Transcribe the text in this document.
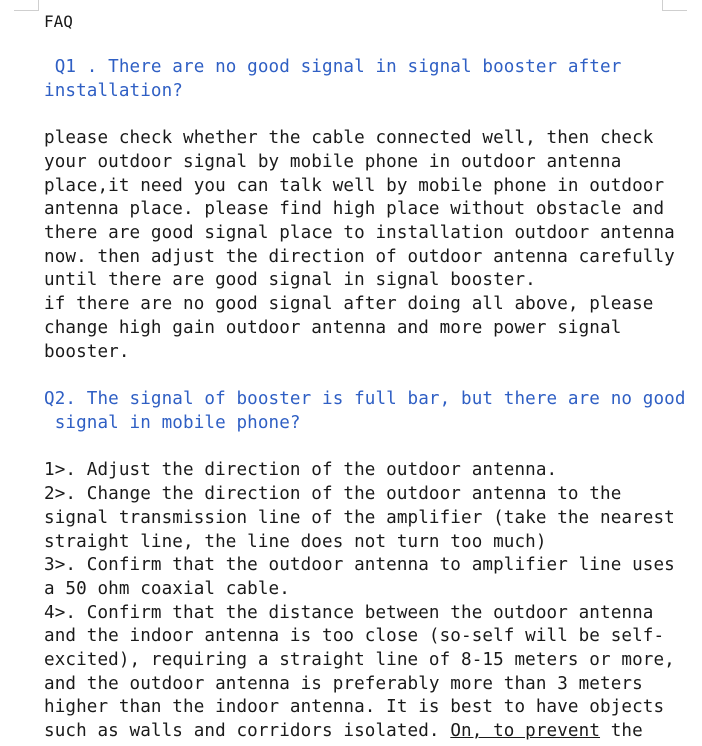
FAQ

Q1 . There are no good signal in signal booster after

installation?

please check whether the cable connected well, then check

your outdoor signal by mobile phone in outdoor antenna

place,it need you can talk well by mobile phone in outdoor

antenna place. please find high place without obstacle and

there are good signal place to installation outdoor antenna

now. then adjust the direction of outdoor antenna carefully

until there are good signal in signal booster.

if there are no good signal after doing all above, please

change high gain outdoor antenna and more power signal

booster.

Q2. The signal of booster is full bar, but there are no good

signal in mobile phone?

1>. Adjust the direction of the outdoor antenna.

2>. Change the direction of the outdoor antenna to the

signal transmission line of the amplifier (take the nearest

straight line, the line does not turn too much)

3>. Confirm that the outdoor antenna to amplifier line uses

a 50 ohm coaxial cable.

4>. Confirm that the distance between the outdoor antenna

and the indoor antenna is too close (so-self will be self-

excited), requiring a straight line of 8-15 meters or more,

and the outdoor antenna is preferably more than 3 meters

higher than the indoor antenna. It is best to have objects

such as walls and corridors isolated. On, to prevent the
